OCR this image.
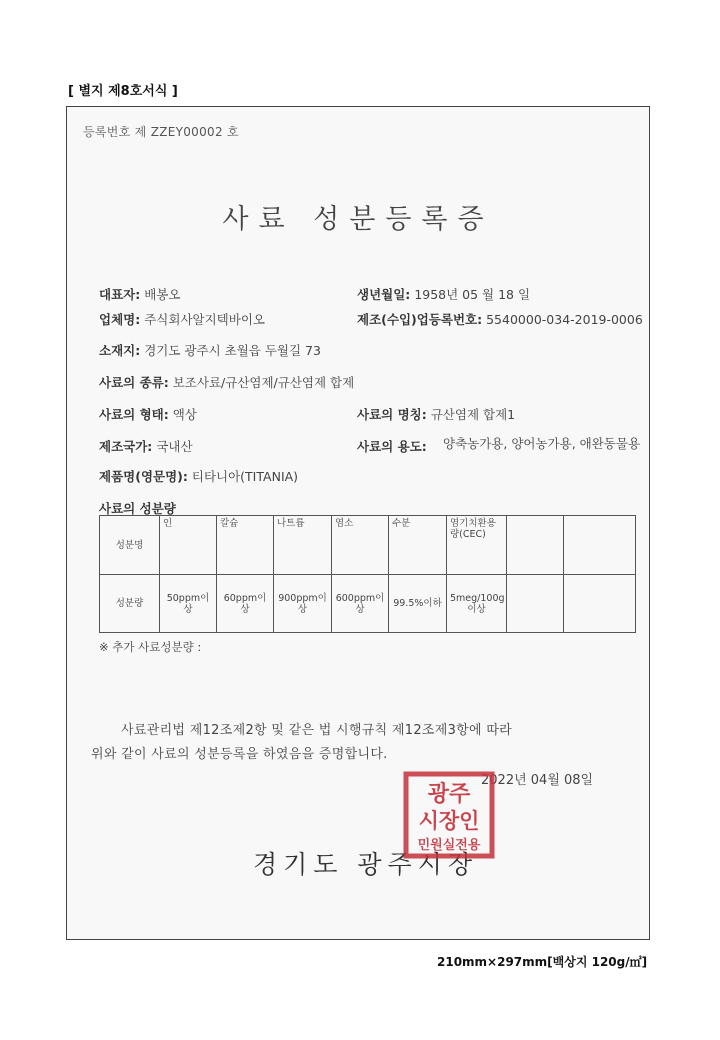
[ 별지 제8호서식 ]
등록번호 제 ZZEY00002 호
사료 성분등록증
대표자: 배봉오	생년월일: 1958년 05 월 18 일
업체명: 주식회사알지텍바이오	제조(수입)업등록번호: 5540000-034-2019-0006
소재지: 경기도 광주시 초월읍 두월길 73
사료의 종류: 보조사료/규산염제/규산염제 합제
사료의 형태: 액상	사료의 명칭: 규산염제 합제1
제조국가: 국내산	사료의 용도: 양축농가용, 양어농가용, 애완동물용
제품명(영문명): 티타니아(TITANIA)
사료의 성분량
성분명	인	칼슘	나트륨	염소	수분	염기치환용량(CEC)		
성분량	50ppm이상	60ppm이상	900ppm이상	600ppm이상	99.5%이하	5meg/100g이상		
※ 추가 사료성분량 :
사료관리법 제12조제2항 및 같은 법 시행규칙 제12조제3항에 따라
위와 같이 사료의 성분등록을 하였음을 증명합니다.
2022년 04월 08일
경기도 광주시장
광주
시장인
민원실전용
210mm×297mm[백상지 120g/㎡]
